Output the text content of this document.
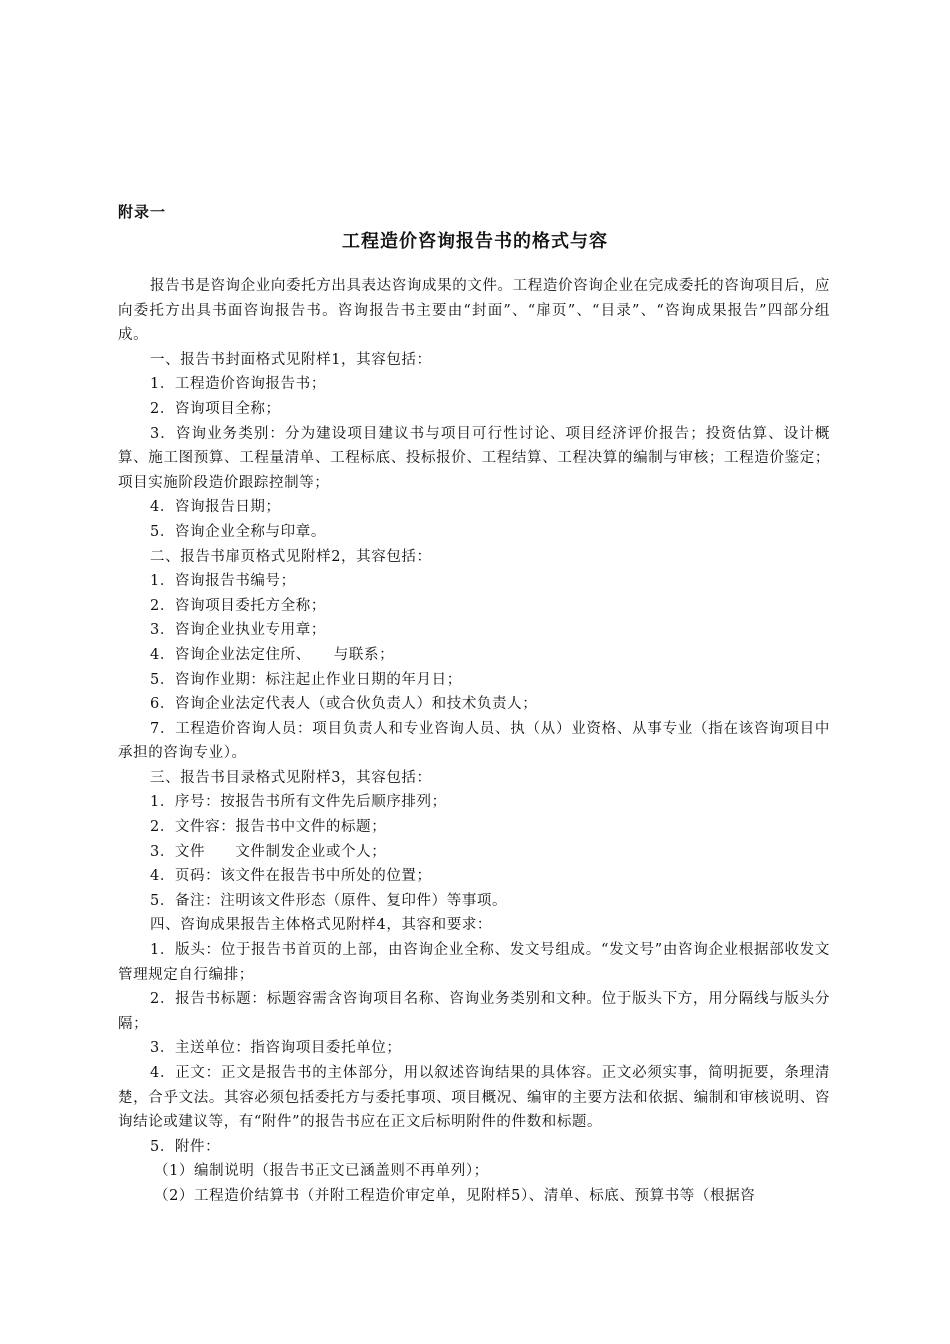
附录一
工程造价咨询报告书的格式与容

报告书是咨询企业向委托方出具表达咨询成果的文件。工程造价咨询企业在完成委托的咨询项目后，应向委托方出具书面咨询报告书。咨询报告书主要由“封面”、“扉页”、“目录”、“咨询成果报告”四部分组成。

一、报告书封面格式见附样1，其容包括：

1．工程造价咨询报告书；

2．咨询项目全称；

3．咨询业务类别：分为建设项目建议书与项目可行性讨论、项目经济评价报告；投资估算、设计概算、施工图预算、工程量清单、工程标底、投标报价、工程结算、工程决算的编制与审核；工程造价鉴定；项目实施阶段造价跟踪控制等；

4．咨询报告日期；

5．咨询企业全称与印章。

二、报告书扉页格式见附样2，其容包括：

1．咨询报告书编号；

2．咨询项目委托方全称；

3．咨询企业执业专用章；

4．咨询企业法定住所、　　与联系；

5．咨询作业期：标注起止作业日期的年月日；

6．咨询企业法定代表人（或合伙负责人）和技术负责人；

7．工程造价咨询人员：项目负责人和专业咨询人员、执（从）业资格、从事专业（指在该咨询项目中承担的咨询专业）。

三、报告书目录格式见附样3，其容包括：

1．序号：按报告书所有文件先后顺序排列；

2．文件容：报告书中文件的标题；

3．文件　　文件制发企业或个人；

4．页码：该文件在报告书中所处的位置；

5．备注：注明该文件形态（原件、复印件）等事项。

四、咨询成果报告主体格式见附样4，其容和要求：

1．版头：位于报告书首页的上部，由咨询企业全称、发文号组成。“发文号”由咨询企业根据部收发文管理规定自行编排；

2．报告书标题：标题容需含咨询项目名称、咨询业务类别和文种。位于版头下方，用分隔线与版头分隔；

3．主送单位：指咨询项目委托单位；

4．正文：正文是报告书的主体部分，用以叙述咨询结果的具体容。正文必须实事，简明扼要，条理清楚，合乎文法。其容必须包括委托方与委托事项、项目概况、编审的主要方法和依据、编制和审核说明、咨询结论或建议等，有“附件”的报告书应在正文后标明附件的件数和标题。

5．附件：

（1）编制说明（报告书正文已涵盖则不再单列）；

（2）工程造价结算书（并附工程造价审定单，见附样5）、清单、标底、预算书等（根据咨
